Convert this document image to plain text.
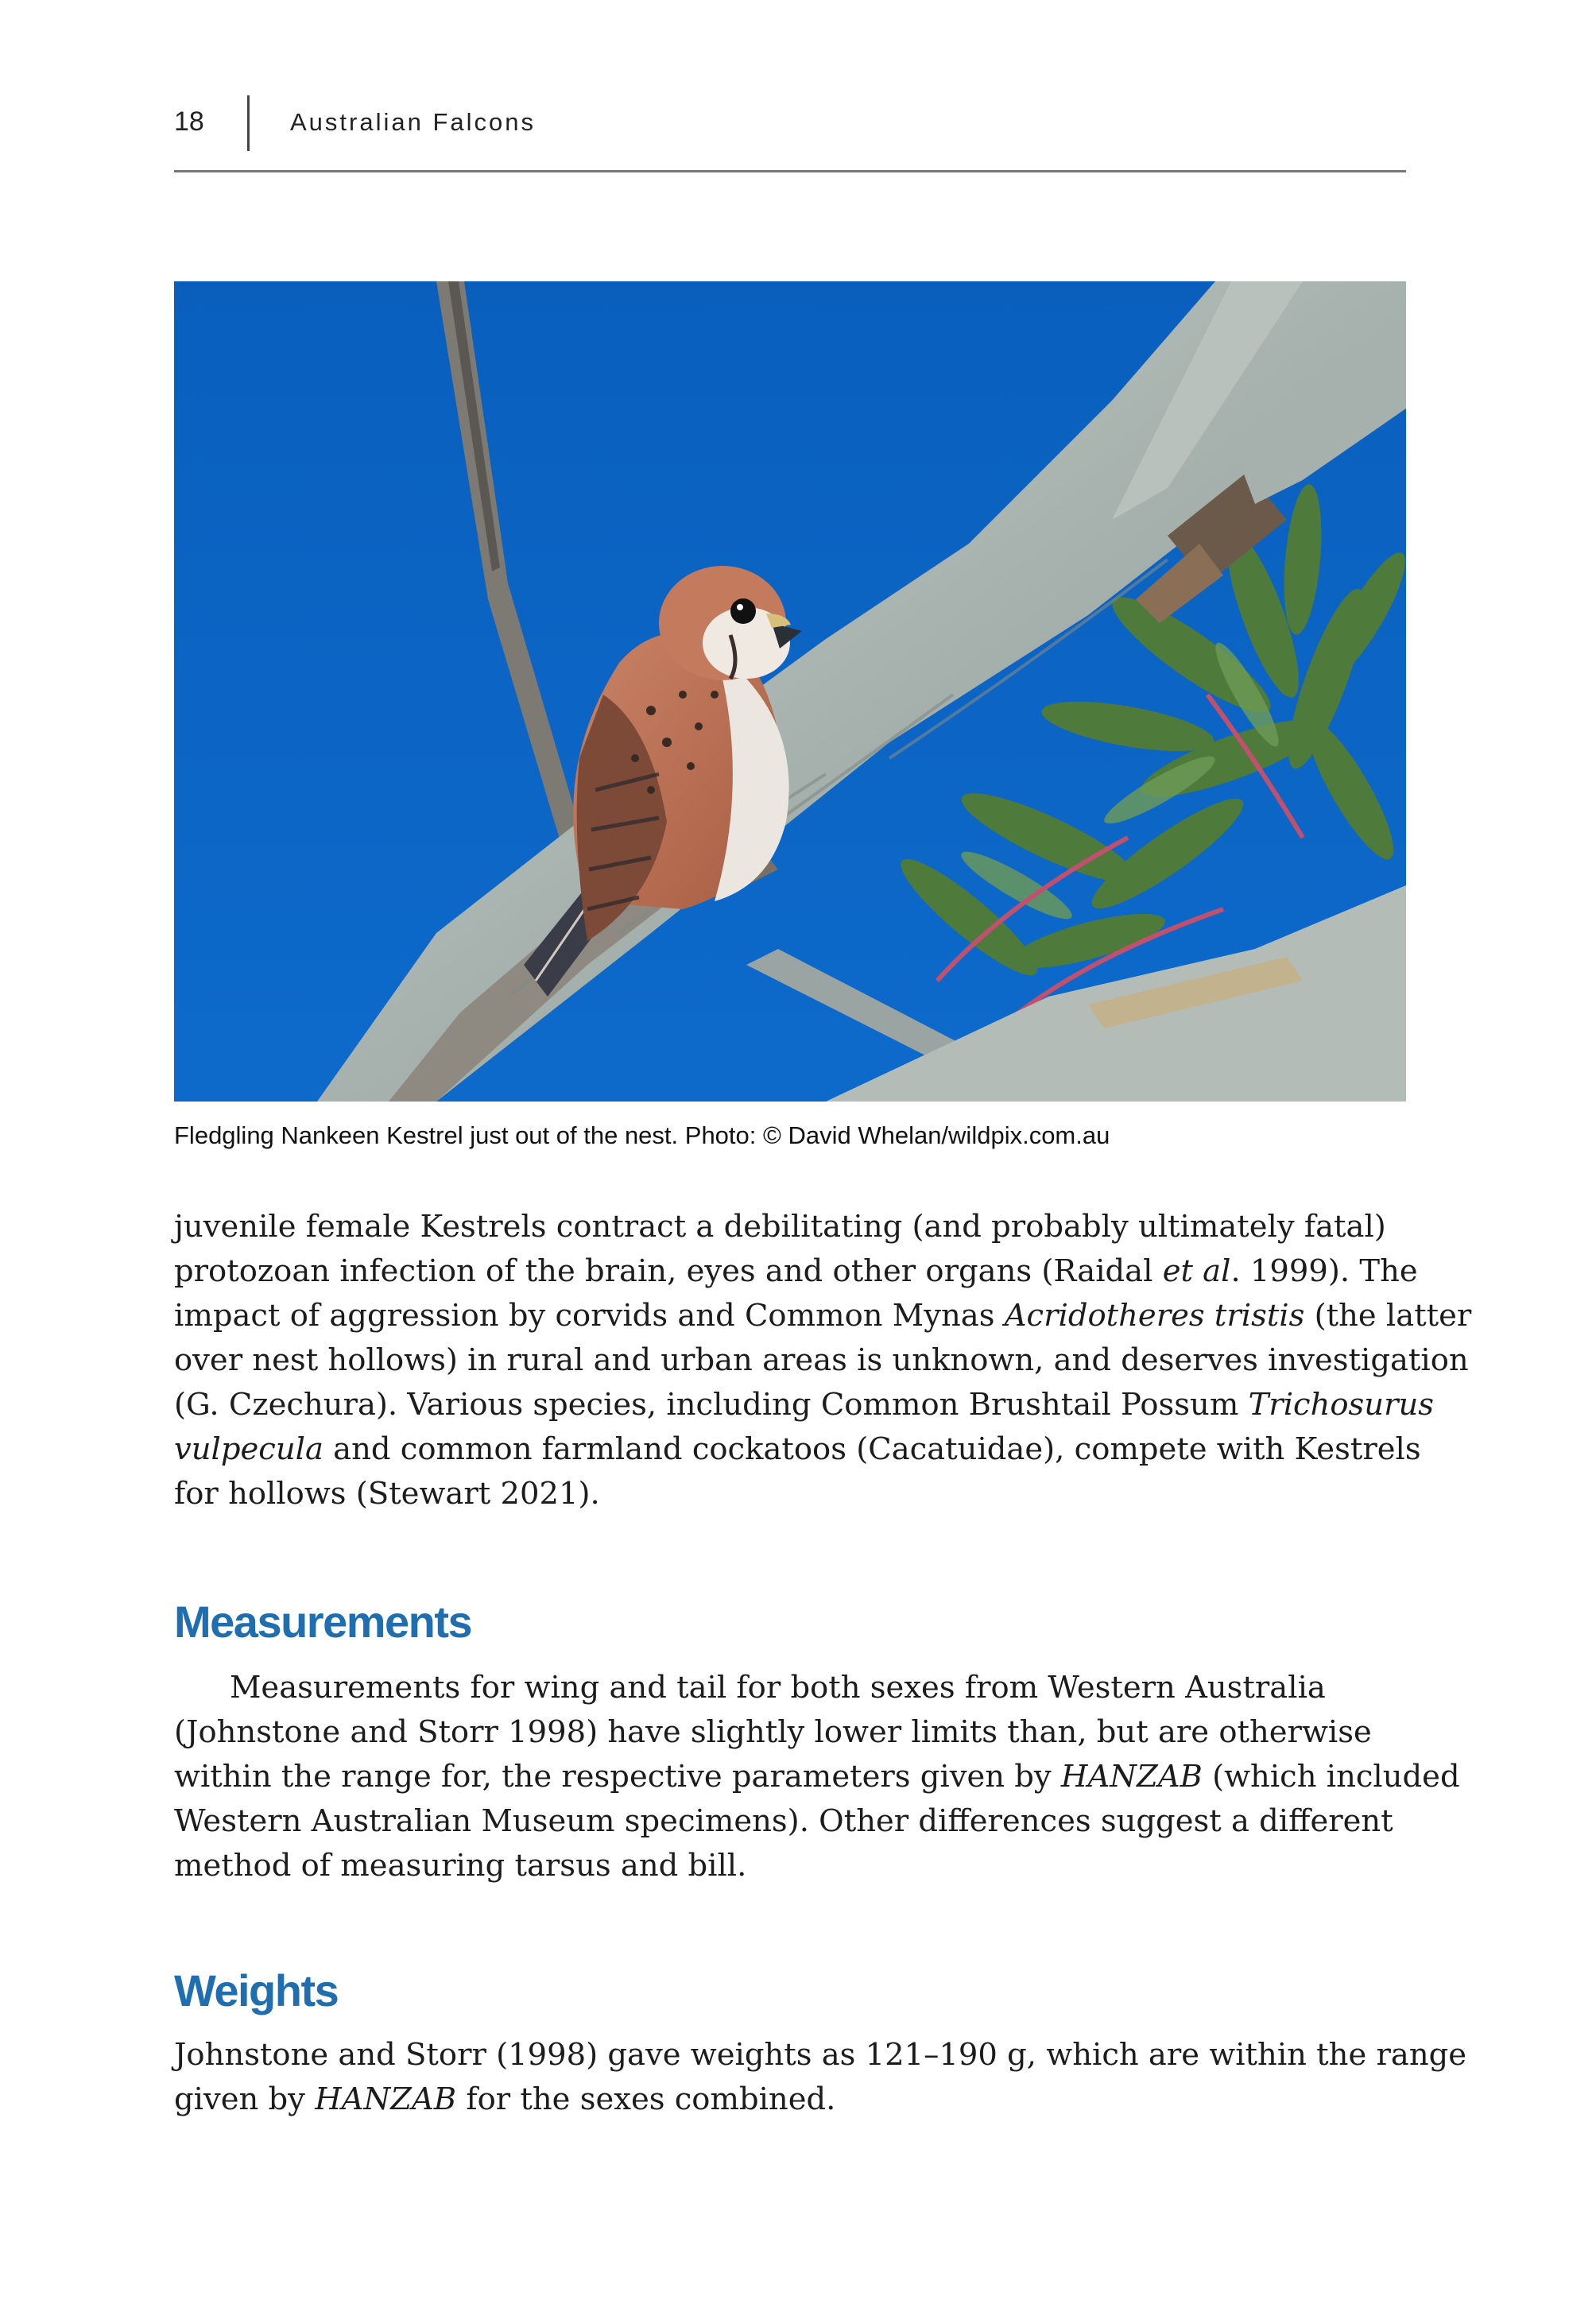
18	Australian Falcons
Fledgling Nankeen Kestrel just out of the nest. Photo: © David Whelan/wildpix.com.au

juvenile female Kestrels contract a debilitating (and probably ultimately fatal)
protozoan infection of the brain, eyes and other organs (Raidal et al. 1999). The
impact of aggression by corvids and Common Mynas Acridotheres tristis (the latter
over nest hollows) in rural and urban areas is unknown, and deserves investigation
(G. Czechura). Various species, including Common Brushtail Possum Trichosurus
vulpecula and common farmland cockatoos (Cacatuidae), compete with Kestrels
for hollows (Stewart 2021).

Measurements

Measurements for wing and tail for both sexes from Western Australia
(Johnstone and Storr 1998) have slightly lower limits than, but are otherwise
within the range for, the respective parameters given by HANZAB (which included
Western Australian Museum specimens). Other differences suggest a different
method of measuring tarsus and bill.

Weights

Johnstone and Storr (1998) gave weights as 121–190 g, which are within the range
given by HANZAB for the sexes combined.
